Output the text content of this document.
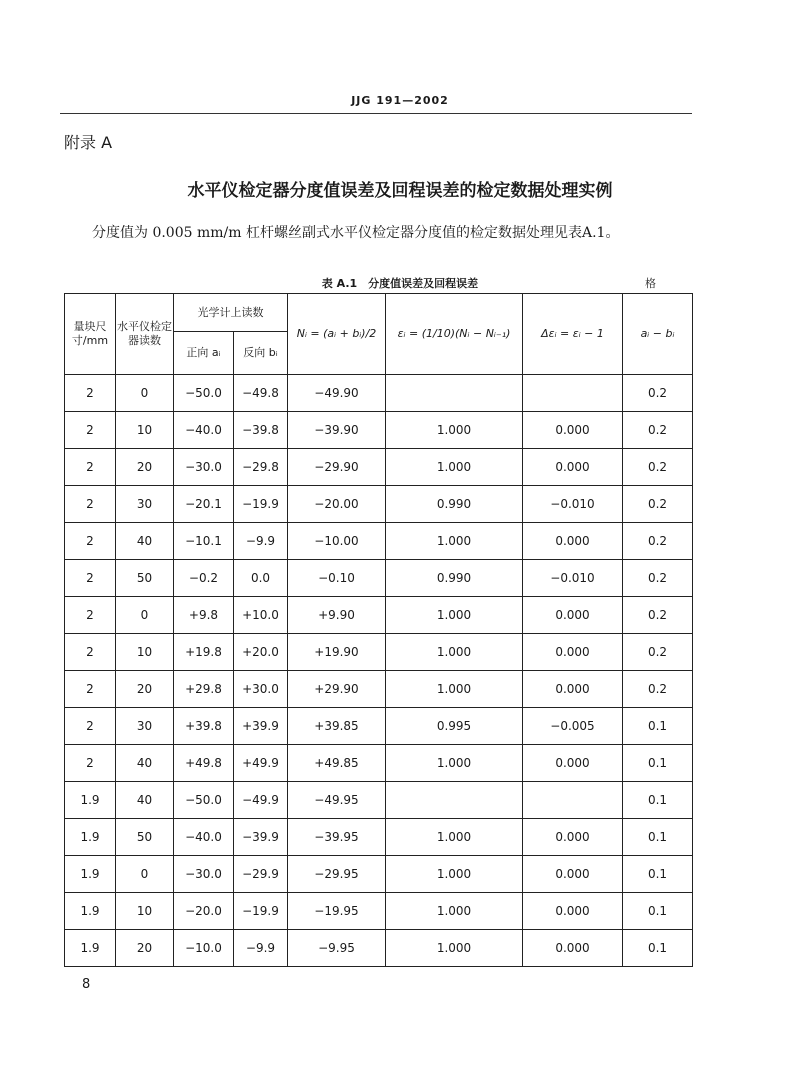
JJG 191—2002
附录 A
水平仪检定器分度值误差及回程误差的检定数据处理实例
分度值为 0.005 mm/m 杠杆螺丝副式水平仪检定器分度值的检定数据处理见表A.1。
表 A.1　分度值误差及回程误差	格
量块尺寸/mm	水平仪检定器读数	光学计上读数		Nᵢ = (aᵢ + bᵢ)/2	εᵢ = (1/10)(Nᵢ − Nᵢ₋₁)	Δεᵢ = εᵢ − 1	aᵢ − bᵢ
		正向 aᵢ	反向 bᵢ				
2	0	−50.0	−49.8	−49.90			0.2
2	10	−40.0	−39.8	−39.90	1.000	0.000	0.2
2	20	−30.0	−29.8	−29.90	1.000	0.000	0.2
2	30	−20.1	−19.9	−20.00	0.990	−0.010	0.2
2	40	−10.1	−9.9	−10.00	1.000	0.000	0.2
2	50	−0.2	0.0	−0.10	0.990	−0.010	0.2
2	0	+9.8	+10.0	+9.90	1.000	0.000	0.2
2	10	+19.8	+20.0	+19.90	1.000	0.000	0.2
2	20	+29.8	+30.0	+29.90	1.000	0.000	0.2
2	30	+39.8	+39.9	+39.85	0.995	−0.005	0.1
2	40	+49.8	+49.9	+49.85	1.000	0.000	0.1
1.9	40	−50.0	−49.9	−49.95			0.1
1.9	50	−40.0	−39.9	−39.95	1.000	0.000	0.1
1.9	0	−30.0	−29.9	−29.95	1.000	0.000	0.1
1.9	10	−20.0	−19.9	−19.95	1.000	0.000	0.1
1.9	20	−10.0	−9.9	−9.95	1.000	0.000	0.1
8
